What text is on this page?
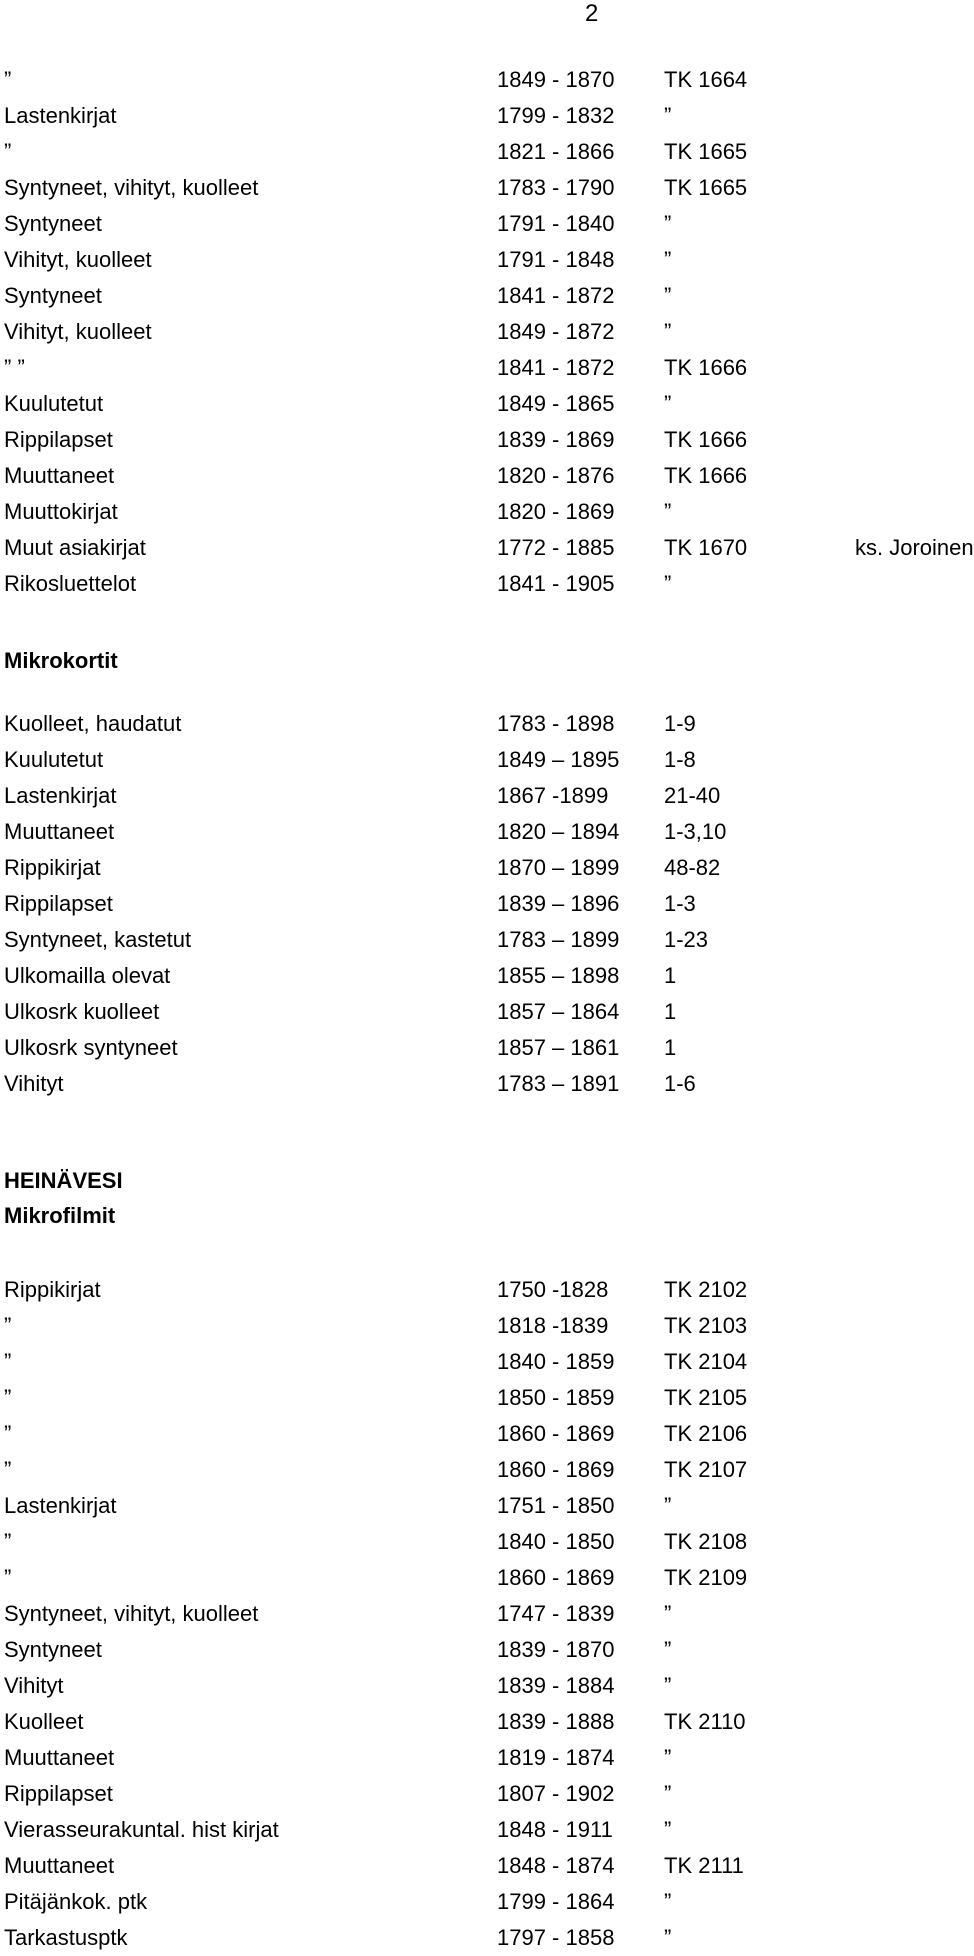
2
”	1849 - 1870 TK 1664
Lastenkirjat	1799 - 1832 ”
”	1821 - 1866 TK 1665
Syntyneet, vihityt, kuolleet	1783 - 1790 TK 1665
Syntyneet	1791 - 1840 ”
Vihityt, kuolleet	1791 - 1848 ”
Syntyneet	1841 - 1872 ”
Vihityt, kuolleet	1849 - 1872 ”
” ”	1841 - 1872 TK 1666
Kuulutetut	1849 - 1865 ”
Rippilapset	1839 - 1869 TK 1666
Muuttaneet	1820 - 1876 TK 1666
Muuttokirjat	1820 - 1869 ”
Muut asiakirjat	1772 - 1885 TK 1670	ks. Joroinen
Rikosluettelot	1841 - 1905 ”
Mikrokortit
Kuolleet, haudatut	1783 - 1898 1-9
Kuulutetut	1849 – 1895 1-8
Lastenkirjat	1867 -1899	21-40
Muuttaneet	1820 – 1894 1-3,10
Rippikirjat	1870 – 1899 48-82
Rippilapset	1839 – 1896 1-3
Syntyneet, kastetut	1783 – 1899 1-23
Ulkomailla olevat	1855 – 1898 1
Ulkosrk kuolleet	1857 – 1864 1
Ulkosrk syntyneet	1857 – 1861 1
Vihityt	1783 – 1891 1-6
HEINÄVESI
Mikrofilmit
Rippikirjat	1750 -1828	TK 2102
”	1818 -1839	TK 2103
”	1840 - 1859 TK 2104
”	1850 - 1859 TK 2105
”	1860 - 1869 TK 2106
”	1860 - 1869 TK 2107
Lastenkirjat	1751 - 1850 ”
”	1840 - 1850 TK 2108
”	1860 - 1869 TK 2109
Syntyneet, vihityt, kuolleet	1747 - 1839 ”
Syntyneet	1839 - 1870 ”
Vihityt	1839 - 1884 ”
Kuolleet	1839 - 1888 TK 2110
Muuttaneet	1819 - 1874 ”
Rippilapset	1807 - 1902 ”
Vierasseurakuntal. hist kirjat	1848 - 1911 ”
Muuttaneet	1848 - 1874 TK 2111
Pitäjänkok. ptk	1799 - 1864 ”
Tarkastusptk	1797 - 1858 ”
